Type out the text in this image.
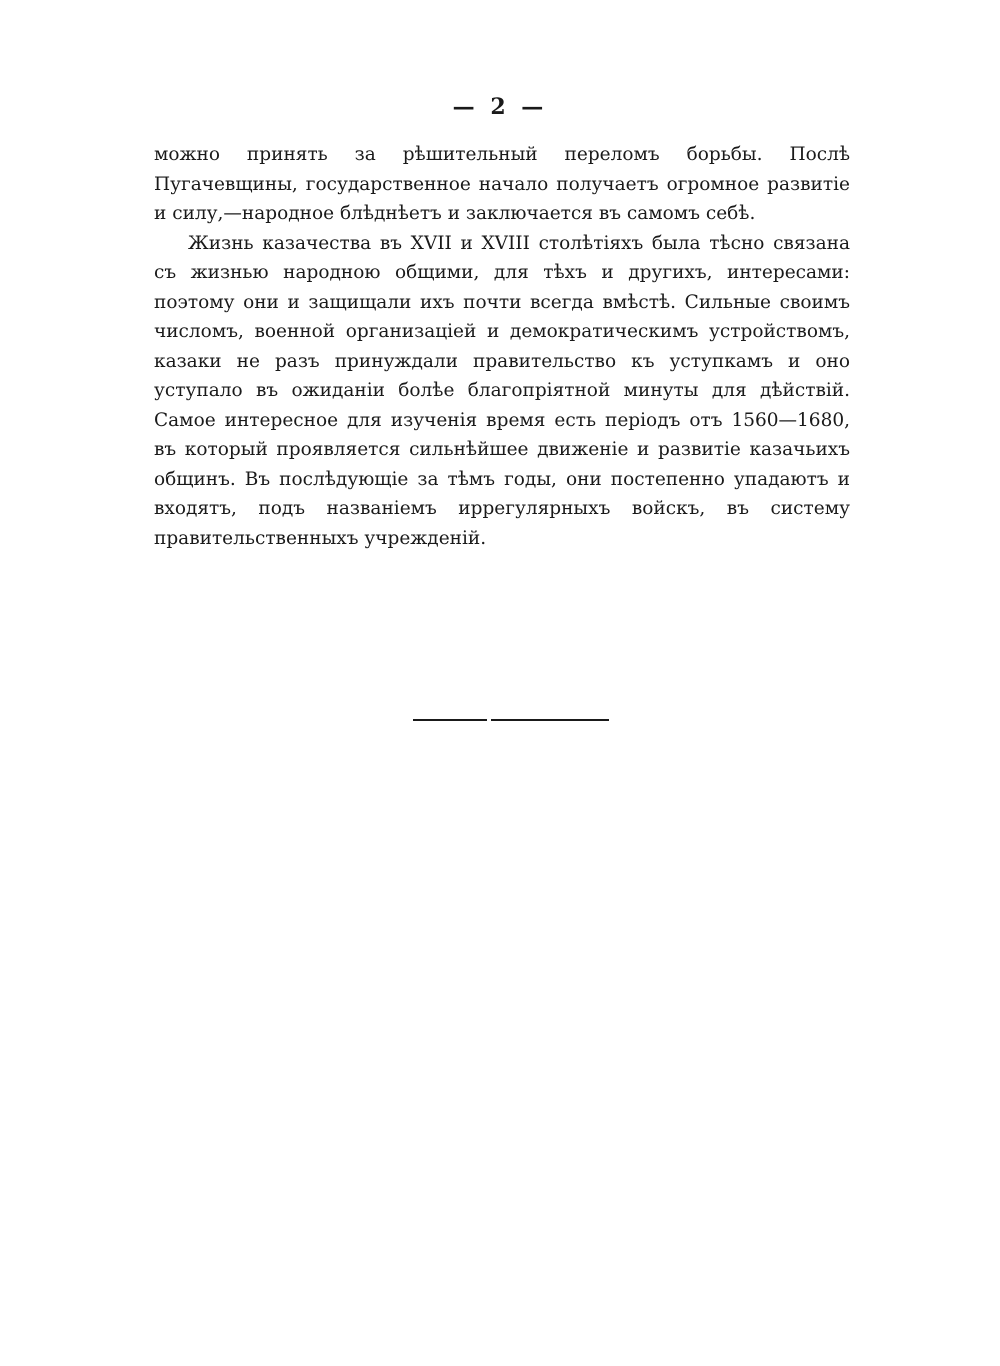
— 2 —

можно принять за рѣшительный переломъ борьбы. Послѣ Пугачевщины, государственное начало получаетъ огромное развитіе и силу,—народное блѣднѣетъ и заключается въ самомъ себѣ.

Жизнь казачества въ XVII и XVIII столѣтіяхъ была тѣсно связана съ жизнью народною общими, для тѣхъ и другихъ, интересами: поэтому они и защищали ихъ почти всегда вмѣстѣ. Сильные своимъ числомъ, военной организаціей и демократическимъ устройствомъ, казаки не разъ принуждали правительство къ уступкамъ и оно уступало въ ожиданіи болѣе благопріятной минуты для дѣйствій. Самое интересное для изученія время есть періодъ отъ 1560—1680, въ который проявляется сильнѣйшее движеніе и развитіе казачьихъ общинъ. Въ послѣдующіе за тѣмъ годы, они постепенно упадаютъ и входятъ, подъ названіемъ иррегулярныхъ войскъ, въ систему правительственныхъ учрежденій.
